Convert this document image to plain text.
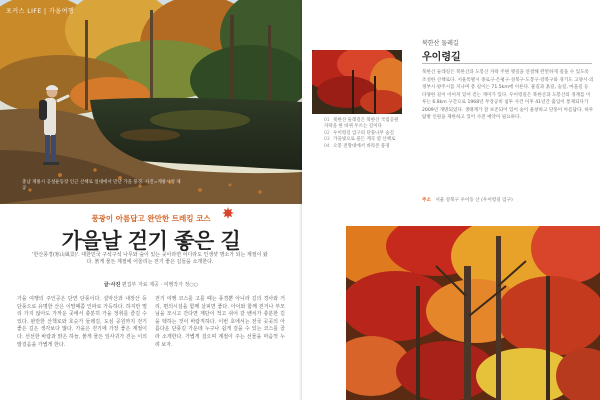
포커스 LIFE | 가을여행
충남 계룡시 공설운동장 인근 산책로 일대에서 만난 가을 풍경. 사진=계룡시청 제공
풍광이 아름답고 완만한 트레킹 코스
가을날 걷기 좋은 길
'한산풍경(寒山風景)'. 대한민국 구석구석 나무와 숲이 있는 곳이라면 어디라도 인생샷 명소가 되는 계절이 왔다. 붉게 물든 계절에 어울리는 걷기 좋은 길들을 소개한다.
글·사진 편집부 자료 제공 · 여행작가 정○○
가을 여행의 주인공은 단연 단풍이다. 설악산과 내장산 등 단풍으로 유명한 산은 이맘때쯤 인파로 가득하다. 하지만 멀리 가지 않아도 가까운 곳에서 충분히 가을 정취를 즐길 수 있다. 완만한 산책로와 호숫가 둘레길, 도심 공원까지 걷기 좋은 길은 생각보다 많다. 가을은 걷기에 가장 좋은 계절이다. 선선한 바람과 맑은 하늘, 붉게 물든 잎사귀가 걷는 이의 발걸음을 가볍게 한다.
걷기 여행 코스를 고를 때는 풍경뿐 아니라 길의 경사와 거리, 편의시설을 함께 살피면 좋다. 아이와 함께 걷거나 부모님을 모시고 간다면 계단이 적고 쉬어 갈 벤치가 충분한 길을 택하는 것이 바람직하다. 이번 호에서는 전국 곳곳의 아름다운 단풍길 가운데 누구나 쉽게 걸을 수 있는 코스를 골라 소개한다. 가볍게 걸으며 계절이 주는 선물을 마음껏 누려 보자.
01 북한산 둘레길은 북한산 국립공원 자락을 한 바퀴 두르는 길이다
02 우이령길 입구의 단풍나무 숲길
03 가을빛으로 물든 계곡 옆 산책로
04 오봉 전망대에서 바라본 풍경
북한산 둘레길
우이령길
북한산 둘레길은 북한산과 도봉산 자락 주변 옛길을 연결해 완만하게 걸을 수 있도록 조성한 산책로다. 서울특별시 종로구·은평구·성북구·도봉구·강북구와 경기도 고양시·의정부시·양주시를 지나며 총 길이는 71.5km에 이른다. 물길과 흙길, 숲길, 마을길 등 다양한 길이 이어져 있어 걷는 재미가 있다. 우이령길은 북한산과 도봉산의 경계를 이루는 6.8km 구간으로 1968년 무장공비 침투 사건 이후 41년간 출입이 통제되다가 2009년 개방되었다. 생태계가 잘 보존되어 있어 숲이 울창하고 단풍이 아름답다. 하루 탐방 인원을 제한하고 있어 사전 예약이 필요하다.
주소 서울 강북구 우이동 산 (우이령길 입구)
